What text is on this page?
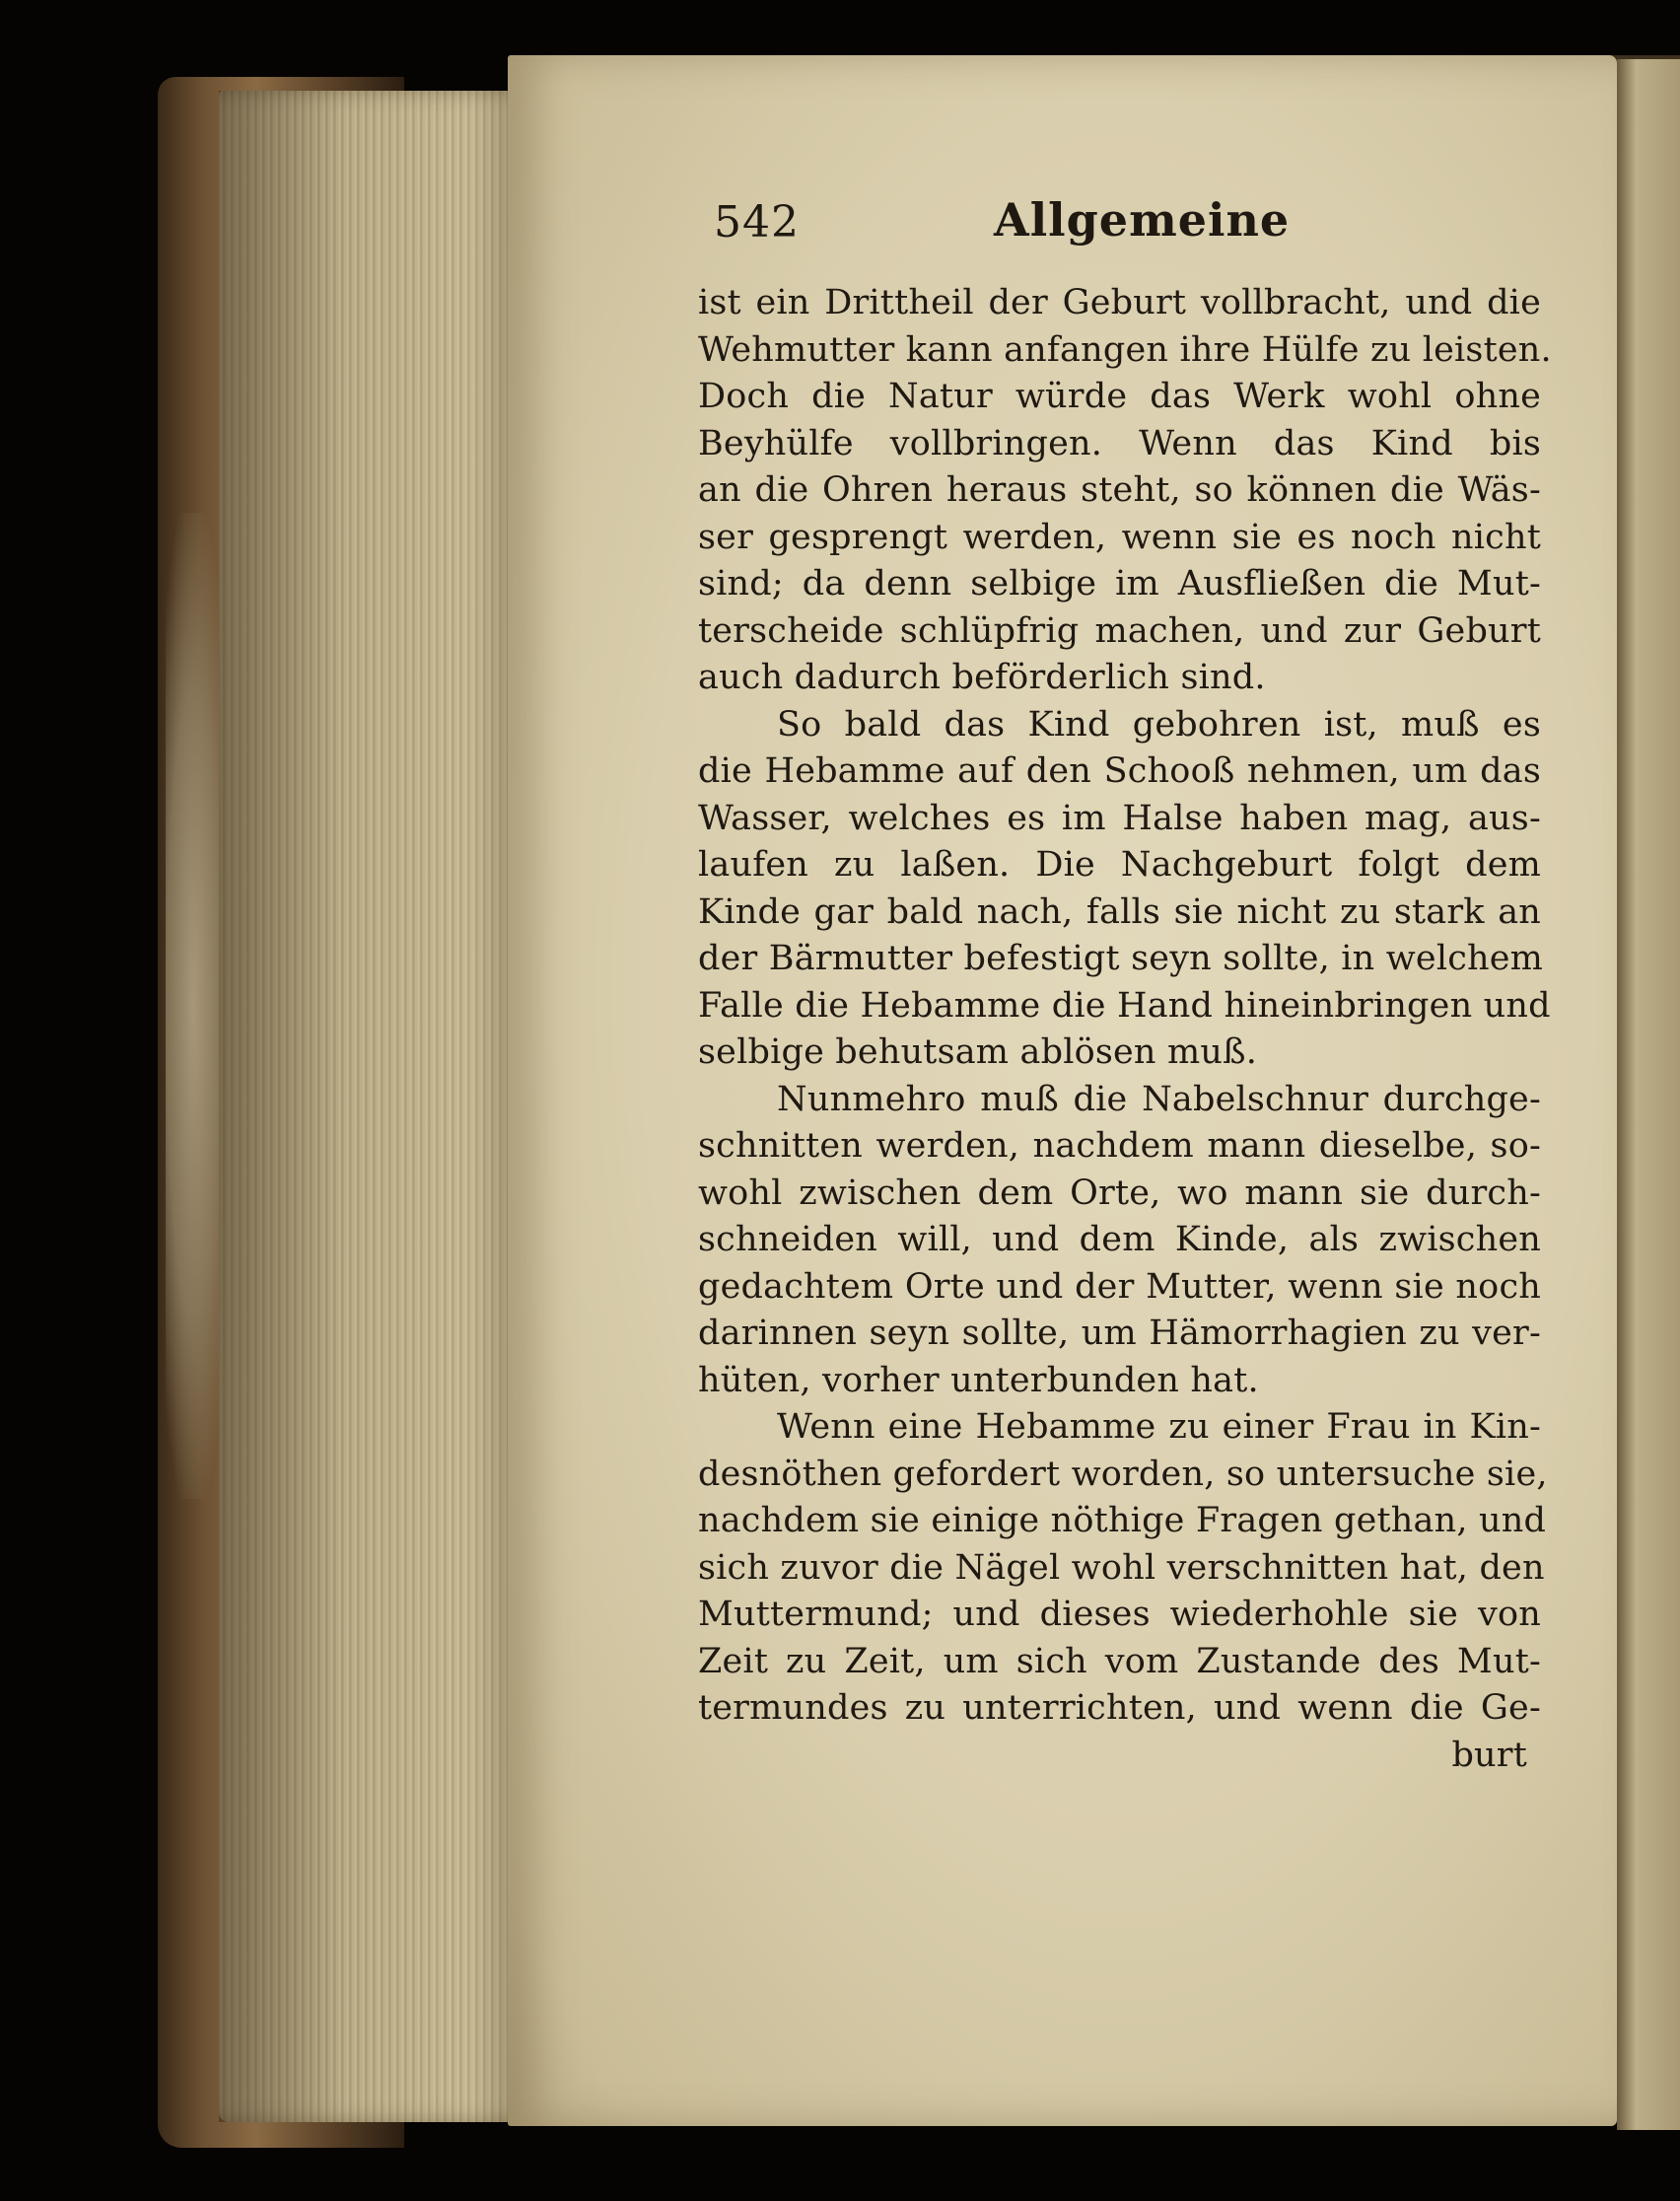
542	Allgemeine
ist ein Drittheil der Geburt vollbracht, und die
Wehmutter kann anfangen ihre Hülfe zu leisten.
Doch die Natur würde das Werk wohl ohne
Beyhülfe vollbringen. Wenn das Kind bis
an die Ohren heraus steht, so können die Wäs-
ser gesprengt werden, wenn sie es noch nicht
sind; da denn selbige im Ausfließen die Mut-
terscheide schlüpfrig machen, und zur Geburt
auch dadurch beförderlich sind.
So bald das Kind gebohren ist, muß es
die Hebamme auf den Schooß nehmen, um das
Wasser, welches es im Halse haben mag, aus-
laufen zu laßen. Die Nachgeburt folgt dem
Kinde gar bald nach, falls sie nicht zu stark an
der Bärmutter befestigt seyn sollte, in welchem
Falle die Hebamme die Hand hineinbringen und
selbige behutsam ablösen muß.
Nunmehro muß die Nabelschnur durchge-
schnitten werden, nachdem mann dieselbe, so-
wohl zwischen dem Orte, wo mann sie durch-
schneiden will, und dem Kinde, als zwischen
gedachtem Orte und der Mutter, wenn sie noch
darinnen seyn sollte, um Hämorrhagien zu ver-
hüten, vorher unterbunden hat.
Wenn eine Hebamme zu einer Frau in Kin-
desnöthen gefordert worden, so untersuche sie,
nachdem sie einige nöthige Fragen gethan, und
sich zuvor die Nägel wohl verschnitten hat, den
Muttermund; und dieses wiederhohle sie von
Zeit zu Zeit, um sich vom Zustande des Mut-
termundes zu unterrichten, und wenn die Ge-
burt
